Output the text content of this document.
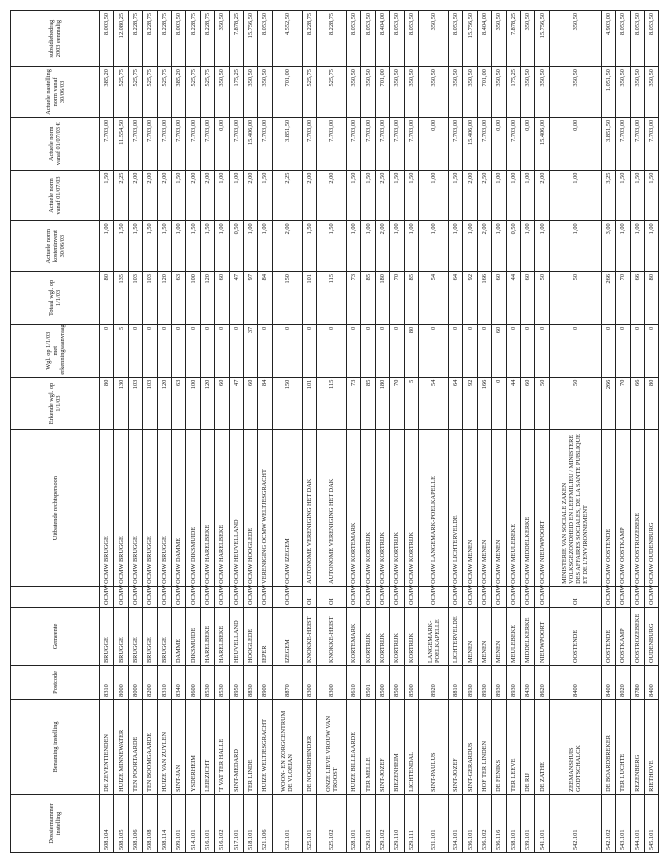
Dossiernummer instelling	Benaming instelling	Postcode	Gemeente		Uitbatende rechtspersoon	Erkende wgl. op 1/1/03	Wgl. op 1/1/03 met erkenningsaanvraag	Totaal wgl. op 1/1/03	Actuele norm kosteninvent 30/06/03	Actuele norm vanaf 01/07/03	Actuele norm vanaf 01/07/03 €	Actuele nastelling norm vanaf 30/06/03	subsidiebedrag 2003 eenmalig
508.104	DE ZEVENTIENDEN	8310	BRUGGE	OCMW	OCMW BRUGGE	80	0	80	1,00	1,50	7.703,00	385,20	8.003,50
508.105	HUIZE MINNEWATER	8000	BRUGGE	OCMW	OCMW BRUGGE	130	5	135	1,50	2,25	11.554,50	525,75	12.080,25
508.106	TEN POORTAARDE	8000	BRUGGE	OCMW	OCMW BRUGGE	103	0	103	1,50	2,00	7.703,00	525,75	8.228,75
508.108	TEN BOOMGAARDE	8200	BRUGGE	OCMW	OCMW BRUGGE	103	0	103	1,50	2,00	7.703,00	525,75	8.228,75
508.114	HUIZE VAN ZUYLEN	8310	BRUGGE	OCMW	OCMW BRUGGE	120	0	120	1,50	2,00	7.703,00	525,75	8.228,75
509.101	SINT-JAN	8340	DAMME	OCMW	OCMW DAMME	63	0	63	1,00	1,50	7.703,00	385,20	8.003,50
514.101	YSDERHEIM	8600	DIKSMUIDE	OCMW	OCMW DIKSMUIDE	100	0	100	1,50	2,00	7.703,00	525,75	8.228,75
516.101	LEIEZICHT	8530	HARELBEKE	OCMW	OCMW HARELBEKE	120	0	120	1,50	2,00	7.703,00	525,75	8.228,75
516.102	'T VAT TER HALLE	8530	HARELBEKE	OCMW	OCMW HARELBEKE	60	0	60	1,00	1,00	0,00	350,50	350,50
517.101	SINT-MEDARD	8950	HEUVELLAND	OCMW	OCMW HEUVELLAND	47	0	47	0,50	1,00	7.703,00	175,25	7.878,25
518.101	TER LINDE	8830	HOOGLEDE	OCMW	OCMW HOOGLEDE	60	37	97	1,00	2,00	15.406,00	350,50	15.756,50
521.106	HUIZE WELTJESGRACHT	8900	IEPER	OCMW	VERENIGING OCMW WELTJESGRACHT	84	0	84	1,00	1,50	7.703,00	350,50	8.053,50
523.101	WOON- EN ZORGCENTRUM DE VLOEIAN	8870	IZEGEM	OCMW	OCMW IZEGEM	150	0	150	2,00	2,25	3.851,50	701,00	4.552,50
525.101	DE NOORDHINDER	8300	KNOKKE-HEIST	OI	AUTONOME VERENIGING HET DAK	101	0	101	1,50	2,00	7.703,00	525,75	8.228,75
525.102	ONZE LIEVE VROUW VAN TROOST	8300	KNOKKE-HEIST	OI	AUTONOME VERENIGING HET DAK	115	0	115	1,50	2,00	7.703,00	525,75	8.228,75
528.101	HUIZE BILLEAARDE	8610	KORTEMARK	OCMW	OCMW KORTEMARK	73	0	73	1,00	1,50	7.703,00	350,50	8.053,50
529.101	TER MELLE	8501	KORTRIJK	OCMW	OCMW KORTRIJK	85	0	85	1,00	1,50	7.703,00	350,50	8.053,50
529.102	SINT-JOZEF	8500	KORTRIJK	OCMW	OCMW KORTRIJK	180	0	180	2,00	2,50	7.703,00	701,00	8.404,00
529.110	BIEZENHEIM	8500	KORTRIJK	OCMW	OCMW KORTRIJK	70	0	70	1,00	1,50	7.703,00	350,50	8.053,50
529.111	LICHTENDAL	8500	KORTRIJK	OCMW	OCMW KORTRIJK	5	80	85	1,00	1,50	7.703,00	350,50	8.053,50
531.101	SINT-PAULUS	8920	LANGEMARK-POELKAPELLE	OCMW	OCMW LANGEMARK-POELKAPELLE	54	0	54	1,00	1,00	0,00	350,50	350,50
534.101	SINT-JOZEF	8810	LICHTERVELDE	OCMW	OCMW LICHTERVELDE	64	0	64	1,00	1,50	7.703,00	350,50	8.053,50
536.101	SINT-GERARDUS	8930	MENEN	OCMW	OCMW MENEN	92	0	92	1,00	2,00	15.406,00	350,50	15.756,50
536.102	HOF TER LINDEN	8930	MENEN	OCMW	OCMW MENEN	166	0	166	2,00	2,50	7.703,00	701,00	8.404,00
536.116	DE FENIKS	8930	MENEN	OCMW	OCMW MENEN	0	60	60	1,00	1,00	0,00	350,50	350,50
538.101	TER LEEVE	8930	MEULEBEKE	OCMW	OCMW MEULEBEKE	44	0	44	0,50	1,00	7.703,00	175,25	7.878,25
539.101	DE RIJ	8430	MIDDELKERKE	OCMW	OCMW MIDDELKERKE	60	0	60	1,00	1,00	0,00	350,50	350,50
541.101	DE ZATHE	8620	NIEUWPOORT	OCMW	OCMW NIEUWPOORT	50	0	50	1,00	2,00	15.406,00	350,50	15.756,50
542.101	ZEEMANSHUIS GODTSCHALCK	8400	OOSTENDE	OI	MINISTERIE VAN SOCIALE ZAKEN VOLKSGEZONDHEID EN LEEFMILIEU / MINISTERE DES AFFAIRES SOCIALES, DE LA SANTE PUBLIQUE ET DE L'ENVIRONNEMENT	50	0	50	1,00	1,00	0,00	350,50	350,50
542.102	DE BOARDBREKER	8400	OOSTENDE	OCMW	OCMW OOSTENDE	266	0	266	3,00	3,25	3.851,50	1.051,50	4.903,00
543.101	TER LUCHTE	8020	OOSTKAMP	OCMW	OCMW OOSTKAMP	70	0	70	1,00	1,50	7.703,00	350,50	8.053,50
544.101	REZENBERG	8780	OOSTROZEBEKE	OCMW	OCMW OOSTROZEBEKE	66	0	66	1,00	1,50	7.703,00	350,50	8.053,50
545.101	RIETHOVE	8400	OUDENBURG	OCMW	OCMW OUDENBURG	80	0	80	1,00	1,50	7.703,00	350,50	8.053,50
